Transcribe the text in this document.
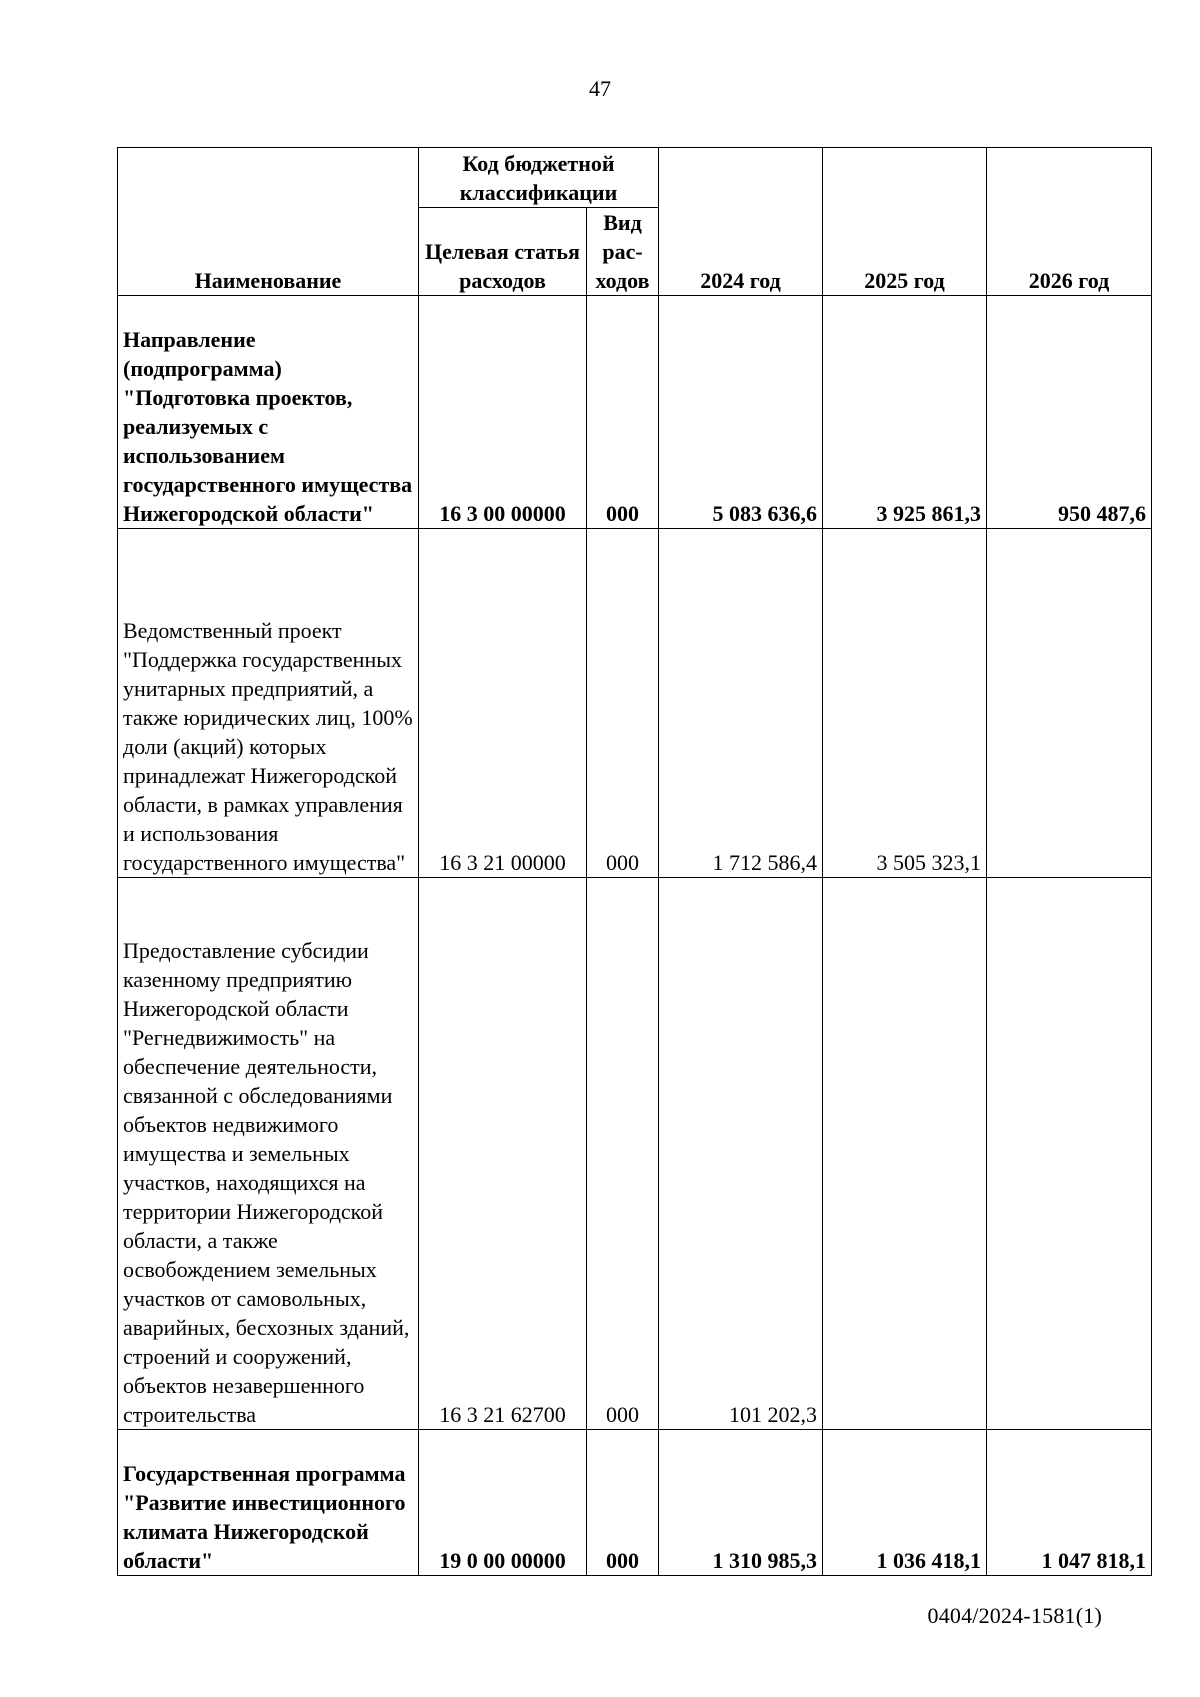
47
Наименование	Код бюджетной классификации		2024 год	2025 год	2026 год
	Целевая статья расходов	Вид рас-ходов			
Направление (подпрограмма) "Подготовка проектов, реализуемых с использованием государственного имущества Нижегородской области"	16 3 00 00000	000	5 083 636,6	3 925 861,3	950 487,6
Ведомственный проект "Поддержка государственных унитарных предприятий, а также юридических лиц, 100% доли (акций) которых принадлежат Нижегородской области, в рамках управления и использования государственного имущества"	16 3 21 00000	000	1 712 586,4	3 505 323,1	
Предоставление субсидии казенному предприятию Нижегородской области "Регнедвижимость" на обеспечение деятельности, связанной с обследованиями объектов недвижимого имущества и земельных участков, находящихся на территории Нижегородской области, а также освобождением земельных участков от самовольных, аварийных, бесхозных зданий, строений и сооружений, объектов незавершенного строительства	16 3 21 62700	000	101 202,3		
Государственная программа "Развитие инвестиционного климата Нижегородской области"	19 0 00 00000	000	1 310 985,3	1 036 418,1	1 047 818,1
0404/2024-1581(1)
